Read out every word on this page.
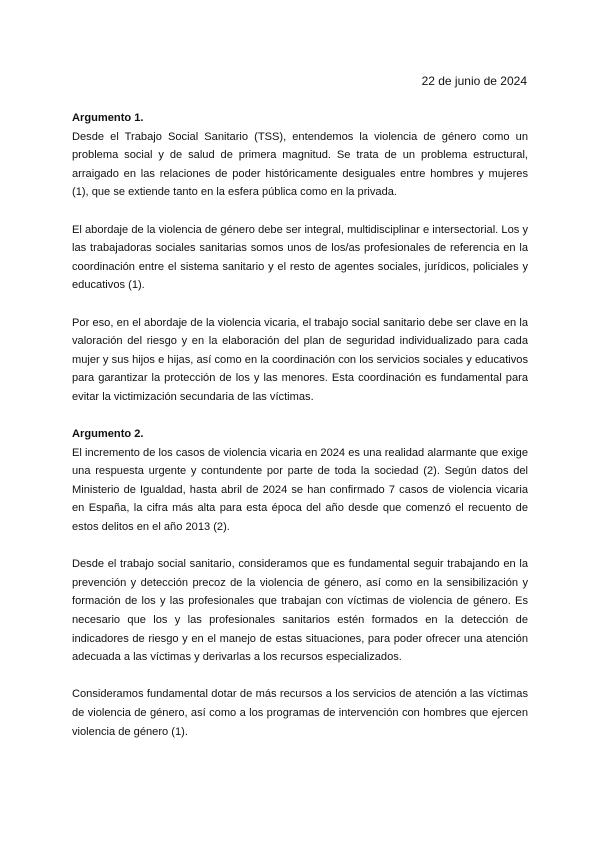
22 de junio de 2024

Argumento 1.

Desde el Trabajo Social Sanitario (TSS), entendemos la violencia de género como un problema social y de salud de primera magnitud. Se trata de un problema estructural, arraigado en las relaciones de poder históricamente desiguales entre hombres y mujeres (1), que se extiende tanto en la esfera pública como en la privada.

El abordaje de la violencia de género debe ser integral, multidisciplinar e intersectorial. Los y las trabajadoras sociales sanitarias somos unos de los/as profesionales de referencia en la coordinación entre el sistema sanitario y el resto de agentes sociales, jurídicos, policiales y educativos (1).

Por eso, en el abordaje de la violencia vicaria, el trabajo social sanitario debe ser clave en la valoración del riesgo y en la elaboración del plan de seguridad individualizado para cada mujer y sus hijos e hijas, así como en la coordinación con los servicios sociales y educativos para garantizar la protección de los y las menores. Esta coordinación es fundamental para evitar la victimización secundaria de las víctimas.

Argumento 2.

El incremento de los casos de violencia vicaria en 2024 es una realidad alarmante que exige una respuesta urgente y contundente por parte de toda la sociedad (2). Según datos del Ministerio de Igualdad, hasta abril de 2024 se han confirmado 7 casos de violencia vicaria en España, la cifra más alta para esta época del año desde que comenzó el recuento de estos delitos en el año 2013 (2).

Desde el trabajo social sanitario, consideramos que es fundamental seguir trabajando en la prevención y detección precoz de la violencia de género, así como en la sensibilización y formación de los y las profesionales que trabajan con víctimas de violencia de género. Es necesario que los y las profesionales sanitarios estén formados en la detección de indicadores de riesgo y en el manejo de estas situaciones, para poder ofrecer una atención adecuada a las víctimas y derivarlas a los recursos especializados.

Consideramos fundamental dotar de más recursos a los servicios de atención a las víctimas de violencia de género, así como a los programas de intervención con hombres que ejercen violencia de género (1).
